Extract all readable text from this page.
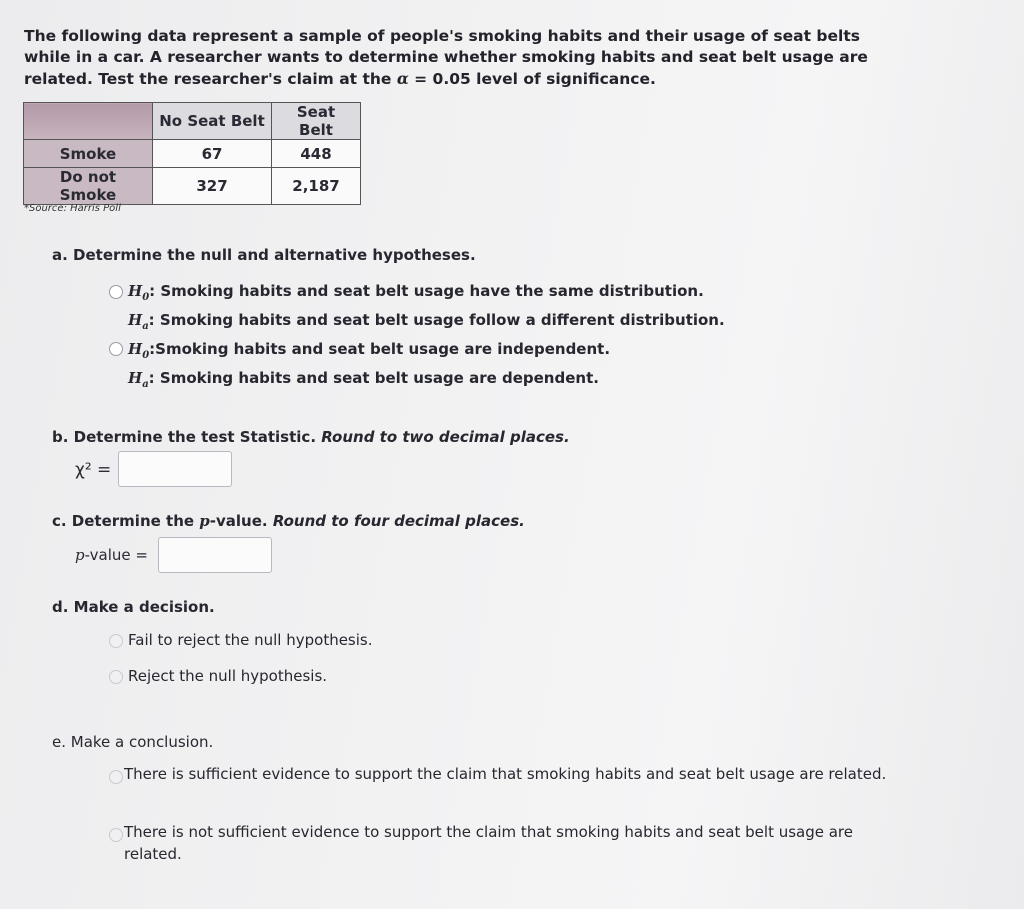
The following data represent a sample of people's smoking habits and their usage of seat belts while in a car. A researcher wants to determine whether smoking habits and seat belt usage are related. Test the researcher's claim at the α = 0.05 level of significance.
	No Seat Belt	Seat Belt
Smoke	67	448
Do not Smoke	327	2,187
*Source: Harris Poll
a. Determine the null and alternative hypotheses.
$H_0$: Smoking habits and seat belt usage have the same distribution.
$H_a$: Smoking habits and seat belt usage follow a different distribution.
$H_0:Smoking$ habits and seat belt usage are independent.
$H_a$: Smoking habits and seat belt usage are dependent.
b. Determine the test Statistic. Round to two decimal places.
χ² =
c. Determine the p-value. Round to four decimal places.
p-value =
d. Make a decision.
Fail to reject the null hypothesis.
Reject the null hypothesis.
e. Make a conclusion.
There is sufficient evidence to support the claim that smoking habits and seat belt usage are related.
There is not sufficient evidence to support the claim that smoking habits and seat belt usage are related.
